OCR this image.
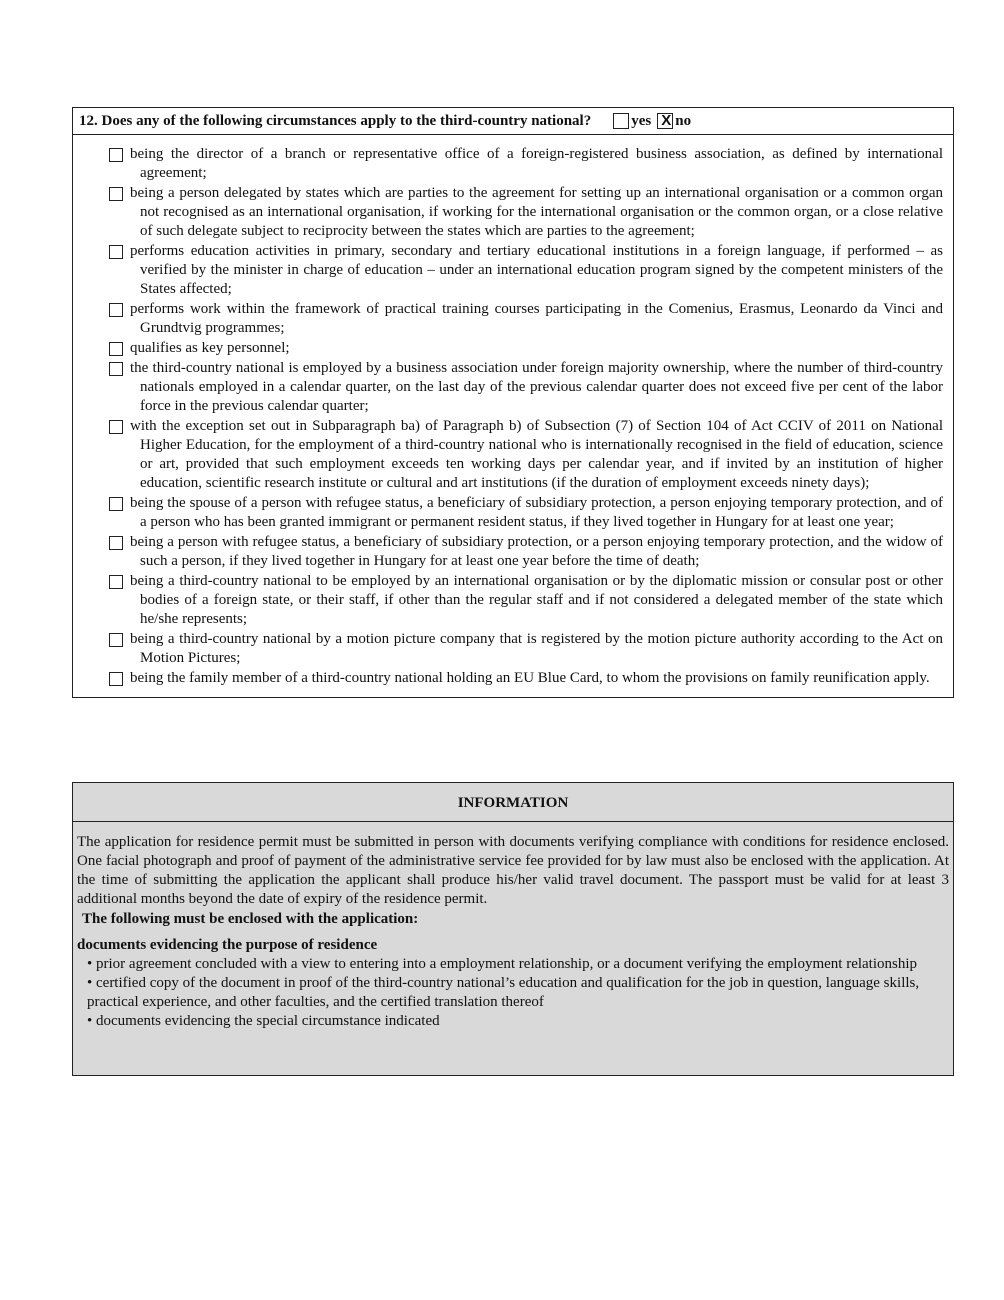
12. Does any of the following circumstances apply to the third-country national?	yes
X no
being the director of a branch or representative office of a foreign-registered business association, as defined by international agreement;
being a person delegated by states which are parties to the agreement for setting up an international organisation or a common organ not recognised as an international organisation, if working for the international organisation or the common organ, or a close relative of such delegate subject to reciprocity between the states which are parties to the agreement;
performs education activities in primary, secondary and tertiary educational institutions in a foreign language, if performed – as verified by the minister in charge of education – under an international education program signed by the competent ministers of the States affected;
performs work within the framework of practical training courses participating in the Comenius, Erasmus, Leonardo da Vinci and Grundtvig programmes;
qualifies as key personnel;
the third-country national is employed by a business association under foreign majority ownership, where the number of third-country nationals employed in a calendar quarter, on the last day of the previous calendar quarter does not exceed five per cent of the labor force in the previous calendar quarter;
with the exception set out in Subparagraph ba) of Paragraph b) of Subsection (7) of Section 104 of Act CCIV of 2011 on National Higher Education, for the employment of a third-country national who is internationally recognised in the field of education, science or art, provided that such employment exceeds ten working days per calendar year, and if invited by an institution of higher education, scientific research institute or cultural and art institutions (if the duration of employment exceeds ninety days);
being the spouse of a person with refugee status, a beneficiary of subsidiary protection, a person enjoying temporary protection, and of a person who has been granted immigrant or permanent resident status, if they lived together in Hungary for at least one year;
being a person with refugee status, a beneficiary of subsidiary protection, or a person enjoying temporary protection, and the widow of such a person, if they lived together in Hungary for at least one year before the time of death;
being a third-country national to be employed by an international organisation or by the diplomatic mission or consular post or other bodies of a foreign state, or their staff, if other than the regular staff and if not considered a delegated member of the state which he/she represents;
being a third-country national by a motion picture company that is registered by the motion picture authority according to the Act on Motion Pictures;
being the family member of a third-country national holding an EU Blue Card, to whom the provisions on family reunification apply.
INFORMATION
The application for residence permit must be submitted in person with documents verifying compliance with conditions for residence enclosed. One facial photograph and proof of payment of the administrative service fee provided for by law must also be enclosed with the application. At the time of submitting the application the applicant shall produce his/her valid travel document. The passport must be valid for at least 3 additional months beyond the date of expiry of the residence permit.
The following must be enclosed with the application:
documents evidencing the purpose of residence
• prior agreement concluded with a view to entering into a employment relationship, or a document verifying the employment relationship
• certified copy of the document in proof of the third-country national’s education and qualification for the job in question, language skills, practical experience, and other faculties, and the certified translation thereof
• documents evidencing the special circumstance indicated
